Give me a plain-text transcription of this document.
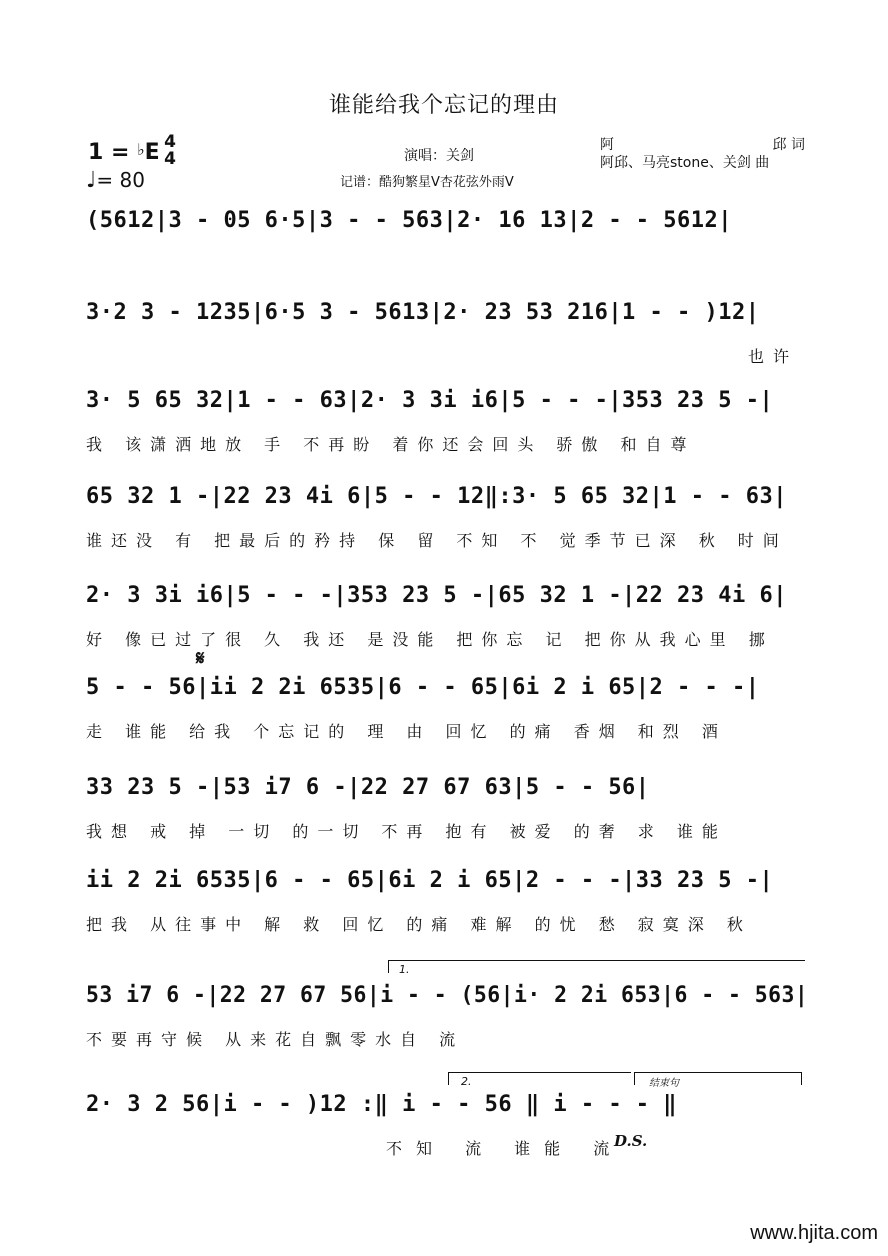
谁能给我个忘记的理由
1 = ♭E 4
4
♩= 80
演唱：关剑
记谱：酷狗繁星V杏花弦外雨V
阿	邱 词
阿邱、马亮stone、关剑 曲
𝄋
1.
2.	结束句
(5612|3 - 05 6·5|3 - - 563|2· 16 13|2 - - 5612|
3·2 3 - 1235|6·5 3 - 5613|2· 23 53 216|1 - - )12|
也许
3· 5 65 32|1 - - 63|2· 3 3i i6|5 - - -|353 23 5 -|
我 该潇洒地放 手 不再盼 着你还会回头 骄傲 和自尊
65 32 1 -|22 23 4i 6|5 - - 12‖:3· 5 65 32|1 - - 63|
谁还没 有 把最后的矜持 保 留 不知 不 觉季节已深 秋 时间
2· 3 3i i6|5 - - -|353 23 5 -|65 32 1 -|22 23 4i 6|
好 像已过了很 久 我还 是没能 把你忘 记 把你从我心里 挪
5 - - 56|ii 2 2i 6535|6 - - 65|6i 2 i 65|2 - - -|
走 谁能 给我 个忘记的 理 由 回忆 的痛 香烟 和烈 酒
33 23 5 -|53 i7 6 -|22 27 67 63|5 - - 56|
我想 戒 掉 一切 的一切 不再 抱有 被爱 的奢 求 谁能
ii 2 2i 6535|6 - - 65|6i 2 i 65|2 - - -|33 23 5 -|
把我 从往事中 解 救 回忆 的痛 难解 的忧 愁 寂寞深 秋
53 i7 6 -|22 27 67 56|i - - (56|i· 2 2i 653|6 - - 563|
不要再守候 从来花自飘零水自 流
2· 3 2 56|i - - )12 :‖ i - - 56 ‖ i - - - ‖
不知 流 谁能 流
D.S.
www.hjita.com
